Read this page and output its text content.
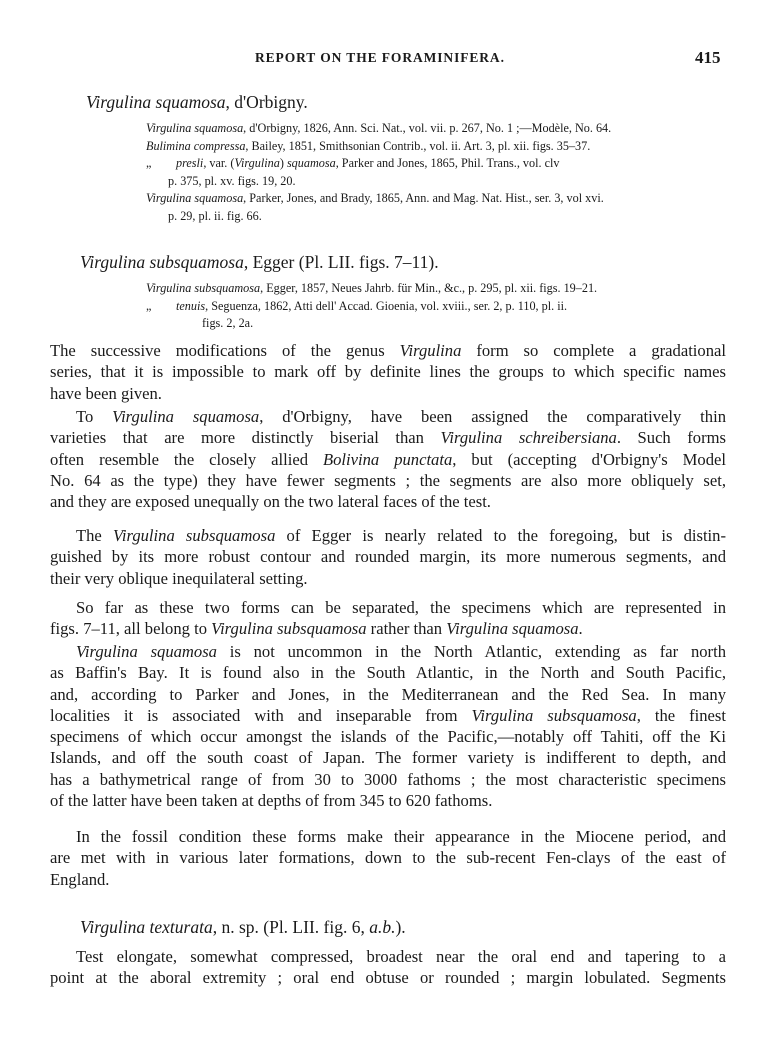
REPORT ON THE FORAMINIFERA.	415
Virgulina squamosa, d'Orbigny.
Virgulina squamosa, d'Orbigny, 1826, Ann. Sci. Nat., vol. vii. p. 267, No. 1 ;—Modèle, No. 64.
Bulimina compressa, Bailey, 1851, Smithsonian Contrib., vol. ii. Art. 3, pl. xii. figs. 35–37.
„ presli, var. (Virgulina) squamosa, Parker and Jones, 1865, Phil. Trans., vol. clv
p. 375, pl. xv. figs. 19, 20.
Virgulina squamosa, Parker, Jones, and Brady, 1865, Ann. and Mag. Nat. Hist., ser. 3, vol xvi.
p. 29, pl. ii. fig. 66.
Virgulina subsquamosa, Egger (Pl. LII. figs. 7–11).
Virgulina subsquamosa, Egger, 1857, Neues Jahrb. für Min., &c., p. 295, pl. xii. figs. 19–21.
„ tenuis, Seguenza, 1862, Atti dell' Accad. Gioenia, vol. xviii., ser. 2, p. 110, pl. ii.
figs. 2, 2a.
The successive modifications of the genus Virgulina form so complete a gradational
series, that it is impossible to mark off by definite lines the groups to which specific names
have been given.
To Virgulina squamosa, d'Orbigny, have been assigned the comparatively thin
varieties that are more distinctly biserial than Virgulina schreibersiana. Such forms
often resemble the closely allied Bolivina punctata, but (accepting d'Orbigny's Model
No. 64 as the type) they have fewer segments ; the segments are also more obliquely set,
and they are exposed unequally on the two lateral faces of the test.
The Virgulina subsquamosa of Egger is nearly related to the foregoing, but is distin-
guished by its more robust contour and rounded margin, its more numerous segments, and
their very oblique inequilateral setting.
So far as these two forms can be separated, the specimens which are represented in
figs. 7–11, all belong to Virgulina subsquamosa rather than Virgulina squamosa.
Virgulina squamosa is not uncommon in the North Atlantic, extending as far north
as Baffin's Bay. It is found also in the South Atlantic, in the North and South Pacific,
and, according to Parker and Jones, in the Mediterranean and the Red Sea. In many
localities it is associated with and inseparable from Virgulina subsquamosa, the finest
specimens of which occur amongst the islands of the Pacific,—notably off Tahiti, off the Ki
Islands, and off the south coast of Japan. The former variety is indifferent to depth, and
has a bathymetrical range of from 30 to 3000 fathoms ; the most characteristic specimens
of the latter have been taken at depths of from 345 to 620 fathoms.
In the fossil condition these forms make their appearance in the Miocene period, and
are met with in various later formations, down to the sub-recent Fen-clays of the east of
England.
Virgulina texturata, n. sp. (Pl. LII. fig. 6, a.b.).
Test elongate, somewhat compressed, broadest near the oral end and tapering to a
point at the aboral extremity ; oral end obtuse or rounded ; margin lobulated. Segments
